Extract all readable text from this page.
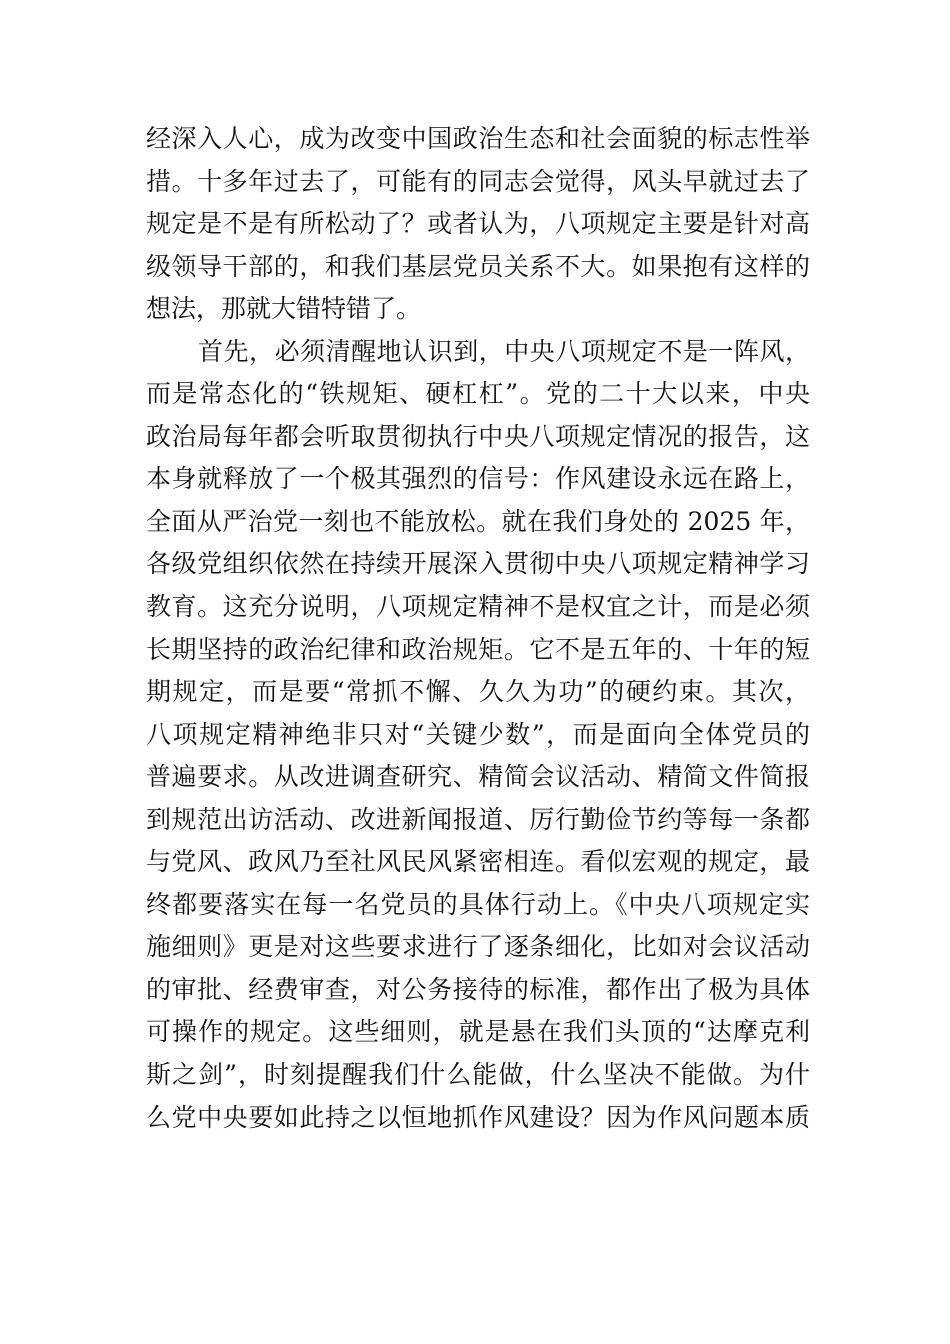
经深入人心，成为改变中国政治生态和社会面貌的标志性举
措。十多年过去了，可能有的同志会觉得，风头早就过去了
规定是不是有所松动了？或者认为，八项规定主要是针对高
级领导干部的，和我们基层党员关系不大。如果抱有这样的
想法，那就大错特错了。
首先，必须清醒地认识到，中央八项规定不是一阵风，
而是常态化的“铁规矩、硬杠杠”。党的二十大以来，中央
政治局每年都会听取贯彻执行中央八项规定情况的报告，这
本身就释放了一个极其强烈的信号：作风建设永远在路上，
全面从严治党一刻也不能放松。就在我们身处的 2025 年，
各级党组织依然在持续开展深入贯彻中央八项规定精神学习
教育。这充分说明，八项规定精神不是权宜之计，而是必须
长期坚持的政治纪律和政治规矩。它不是五年的、十年的短
期规定，而是要“常抓不懈、久久为功”的硬约束。其次，
八项规定精神绝非只对“关键少数”，而是面向全体党员的
普遍要求。从改进调查研究、精简会议活动、精简文件简报
到规范出访活动、改进新闻报道、厉行勤俭节约等每一条都
与党风、政风乃至社风民风紧密相连。看似宏观的规定，最
终都要落实在每一名党员的具体行动上。《中央八项规定实
施细则》更是对这些要求进行了逐条细化，比如对会议活动
的审批、经费审查，对公务接待的标准，都作出了极为具体
可操作的规定。这些细则，就是悬在我们头顶的“达摩克利
斯之剑”，时刻提醒我们什么能做，什么坚决不能做。为什
么党中央要如此持之以恒地抓作风建设？因为作风问题本质
